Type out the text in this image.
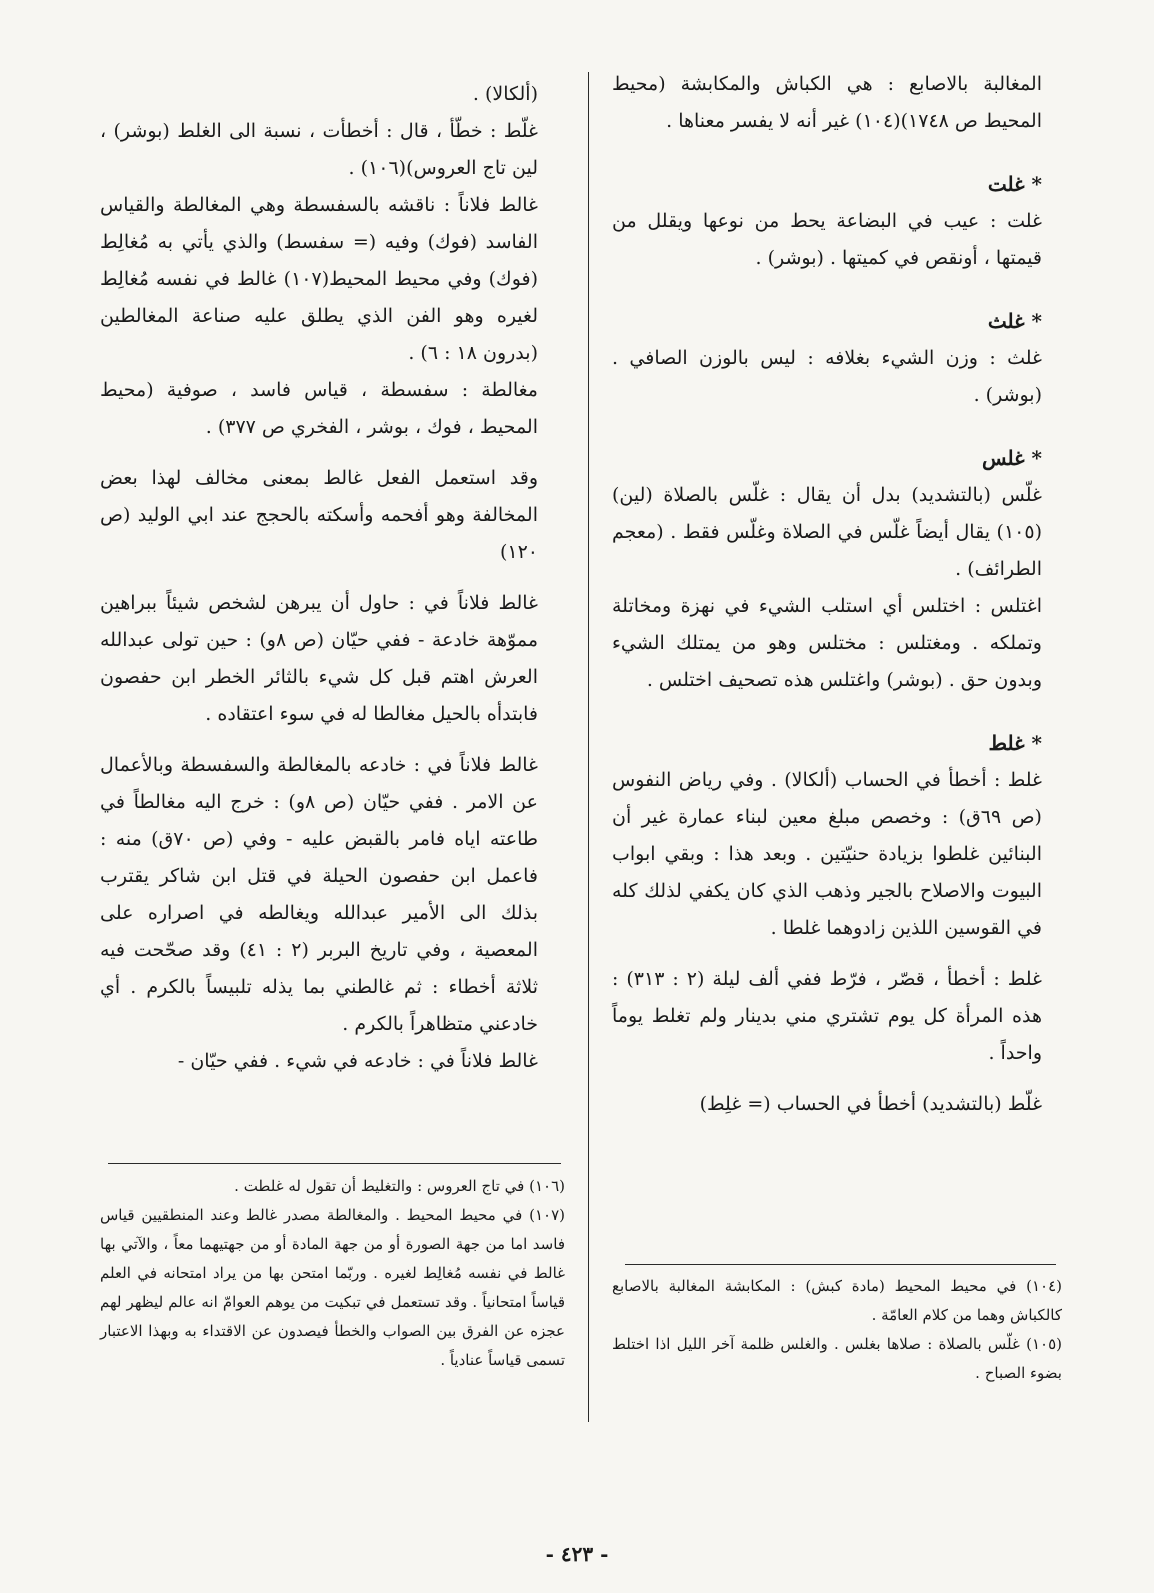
المغالبة بالاصابع : هي الكباش والمكابشة (محيط المحيط ص ١٧٤٨)(١٠٤) غير أنه لا يفسر معناها .

* غلت

غلت : عيب في البضاعة يحط من نوعها ويقلل من قيمتها ، أونقص في كميتها . (بوشر) .

* غلث

غلث : وزن الشيء بغلافه : ليس بالوزن الصافي . (بوشر) .

* غلس

غلّس (بالتشديد) بدل أن يقال : غلّس بالصلاة (لين)(١٠٥) يقال أيضاً غلّس في الصلاة وغلّس فقط . (معجم الطرائف) .

اغتلس : اختلس أي استلب الشيء في نهزة ومخاتلة وتملكه . ومغتلس : مختلس وهو من يمتلك الشيء وبدون حق . (بوشر) واغتلس هذه تصحيف اختلس .

* غلط

غلط : أخطأ في الحساب (ألكالا) . وفي رياض النفوس (ص ٦٩ق) : وخصص مبلغ معين لبناء عمارة غير أن البنائين غلطوا بزيادة حنيّتين . وبعد هذا : وبقي ابواب البيوت والاصلاح بالجير وذهب الذي كان يكفي لذلك كله في القوسين اللذين زادوهما غلطا .

غلط : أخطأ ، قصّر ، فرّط ففي ألف ليلة (٢ : ٣١٣) : هذه المرأة كل يوم تشتري مني بدينار ولم تغلط يوماً واحداً .

غلّط (بالتشديد) أخطأ في الحساب (= غلِط)

(ألكالا) .

غلّط : خطّأ ، قال : أخطأت ، نسبة الى الغلط (بوشر) ، لين تاج العروس)(١٠٦) .

غالط فلاناً : ناقشه بالسفسطة وهي المغالطة والقياس الفاسد (فوك) وفيه (= سفسط) والذي يأتي به مُغالِط (فوك) وفي محيط المحيط(١٠٧) غالط في نفسه مُغالِط لغيره وهو الفن الذي يطلق عليه صناعة المغالطين (بدرون ١٨ : ٦) .

مغالطة : سفسطة ، قياس فاسد ، صوفية (محيط المحيط ، فوك ، بوشر ، الفخري ص ٣٧٧) .

وقد استعمل الفعل غالط بمعنى مخالف لهذا بعض المخالفة وهو أفحمه وأسكته بالحجج عند ابي الوليد (ص ١٢٠)

غالط فلاناً في : حاول أن يبرهن لشخص شيئاً ببراهين مموّهة خادعة - ففي حيّان (ص ٨و) : حين تولى عبدالله العرش اهتم قبل كل شيء بالثائر الخطر ابن حفصون فابتدأه بالحيل مغالطا له في سوء اعتقاده .

غالط فلاناً في : خادعه بالمغالطة والسفسطة وبالأعمال عن الامر . ففي حيّان (ص ٨و) : خرج اليه مغالطاً في طاعته اياه فامر بالقبض عليه - وفي (ص ٧٠ق) منه : فاعمل ابن حفصون الحيلة في قتل ابن شاكر يقترب بذلك الى الأمير عبدالله ويغالطه في اصراره على المعصية ، وفي تاريخ البربر (٢ : ٤١) وقد صحّحت فيه ثلاثة أخطاء : ثم غالطني بما يذله تلبيساً بالكرم . أي خادعني متظاهراً بالكرم .

غالط فلاناً في : خادعه في شيء . ففي حيّان -

(١٠٦) في تاج العروس : والتغليط أن تقول له غلطت .

(١٠٧) في محيط المحيط . والمغالطة مصدر غالط وعند المنطقيين قياس فاسد اما من جهة الصورة أو من جهة المادة أو من جهتيهما معاً ، والآتي بها غالط في نفسه مُغالِط لغيره . وربّما امتحن بها من يراد امتحانه في العلم قياساً امتحانياً . وقد تستعمل في تبكيت من يوهم العوامّ انه عالم ليظهر لهم عجزه عن الفرق بين الصواب والخطأ فيصدون عن الاقتداء به وبهذا الاعتبار تسمى قياساً عنادياً .

(١٠٤) في محيط المحيط (مادة كبش) : المكابشة المغالبة بالاصابع كالكباش وهما من كلام العامّة .

(١٠٥) غلّس بالصلاة : صلاها بغلس . والغلس ظلمة آخر الليل اذا اختلط بضوء الصباح .

- ٤٢٣ -
